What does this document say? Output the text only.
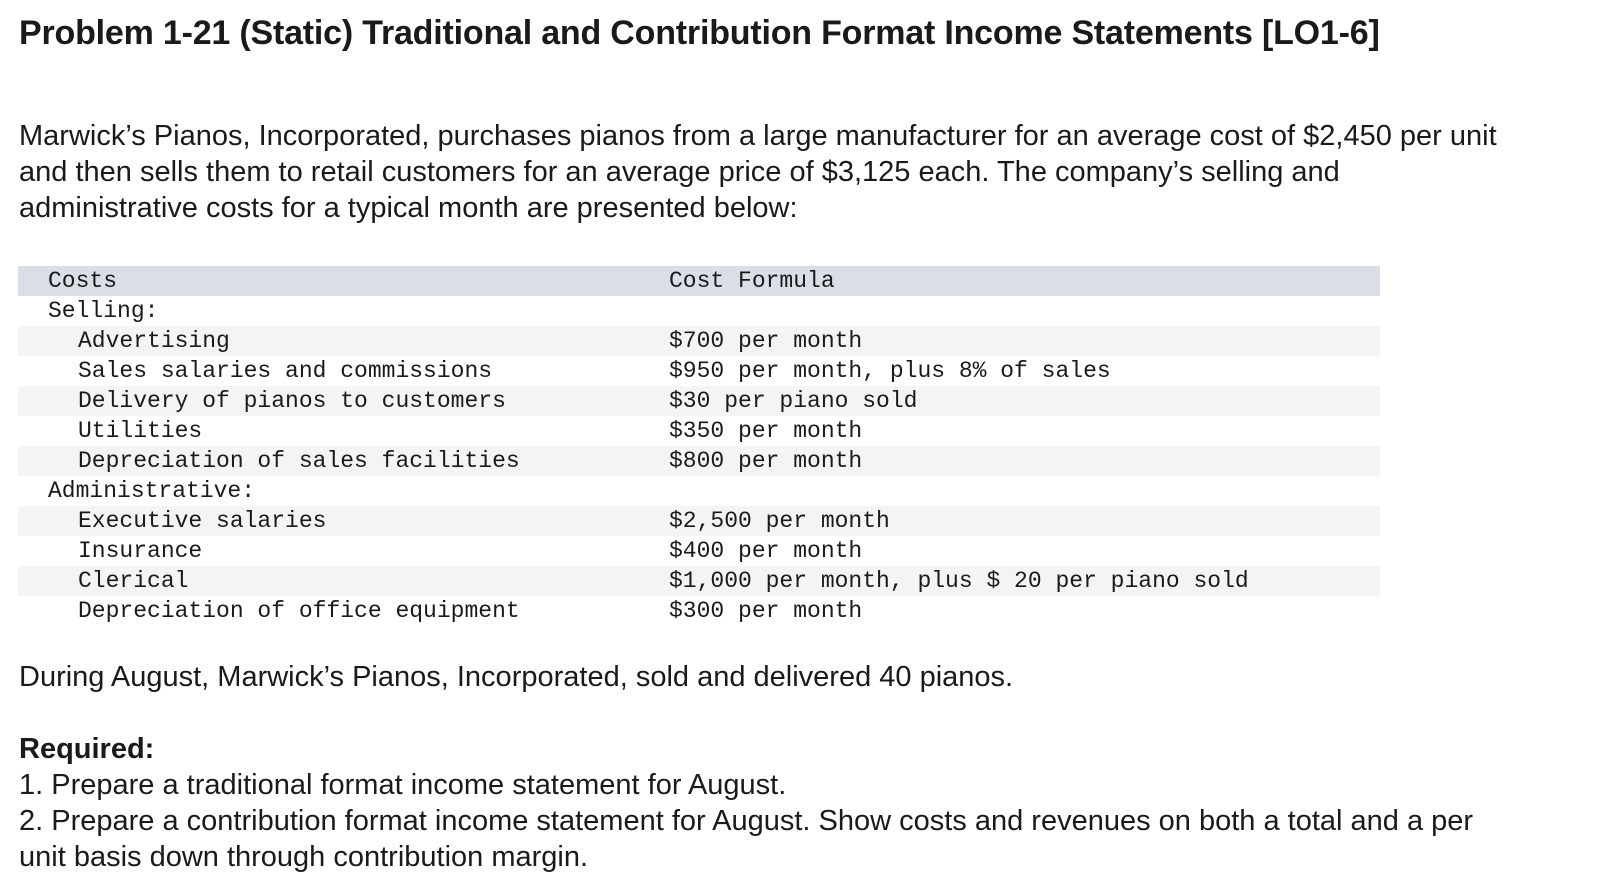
Problem 1-21 (Static) Traditional and Contribution Format Income Statements [LO1-6]

Marwick’s Pianos, Incorporated, purchases pianos from a large manufacturer for an average cost of $2,450 per unit
and then sells them to retail customers for an average price of $3,125 each. The company’s selling and
administrative costs for a typical month are presented below:

Costs	Cost Formula
Selling:
Advertising	$700 per month
Sales salaries and commissions	$950 per month, plus 8% of sales
Delivery of pianos to customers	$30 per piano sold
Utilities	$350 per month
Depreciation of sales facilities	$800 per month
Administrative:
Executive salaries	$2,500 per month
Insurance	$400 per month
Clerical	$1,000 per month, plus $ 20 per piano sold
Depreciation of office equipment	$300 per month

During August, Marwick’s Pianos, Incorporated, sold and delivered 40 pianos.

Required:
1. Prepare a traditional format income statement for August.
2. Prepare a contribution format income statement for August. Show costs and revenues on both a total and a per
unit basis down through contribution margin.
